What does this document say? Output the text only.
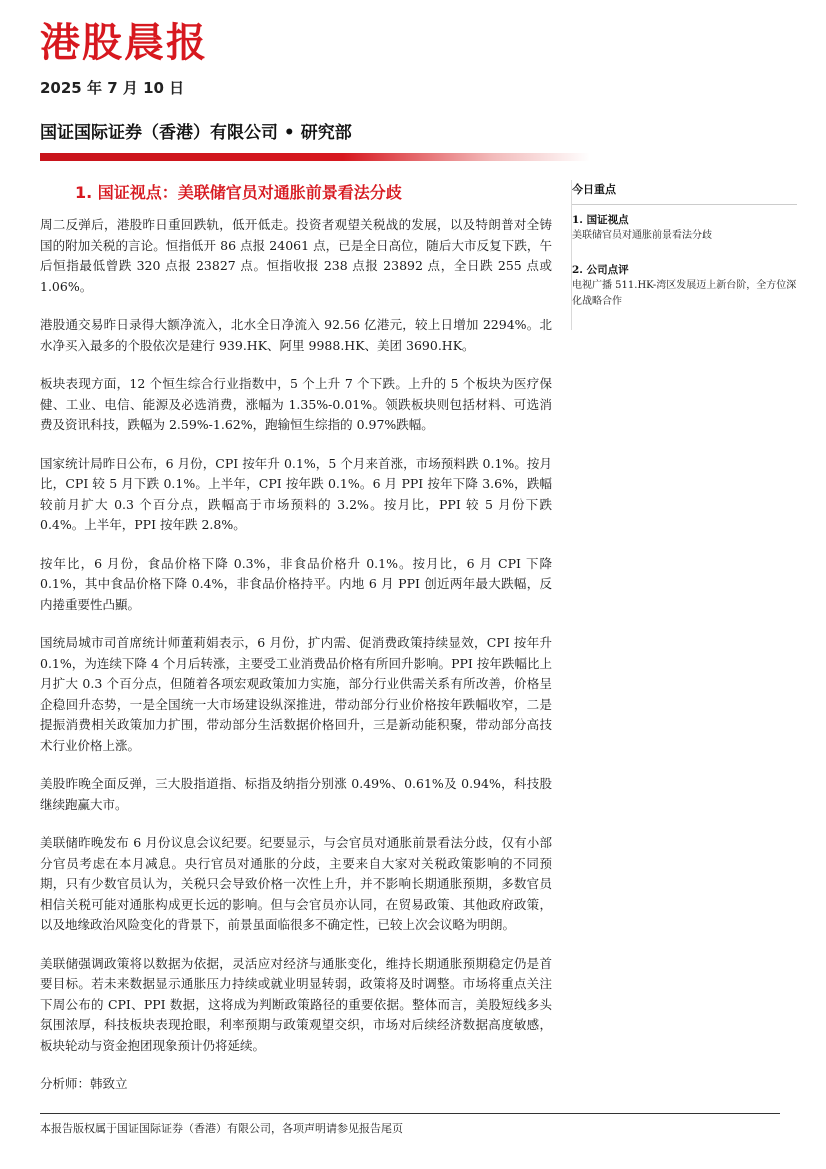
港股晨报
2025 年 7 月 10 日
国证国际证券（香港）有限公司 • 研究部
1. 国证视点：美联储官员对通胀前景看法分歧

周二反弹后，港股昨日重回跌轨，低开低走。投资者观望关税战的发展，以及特朗普对全铸国的附加关税的言论。恒指低开 86 点报 24061 点，已是全日高位，随后大市反复下跌，午后恒指最低曾跌 320 点报 23827 点。恒指收报 238 点报 23892 点，全日跌 255 点或 1.06%。

港股通交易昨日录得大额净流入，北水全日净流入 92.56 亿港元，较上日增加 2294%。北水净买入最多的个股依次是建行 939.HK、阿里 9988.HK、美团 3690.HK。

板块表现方面，12 个恒生综合行业指数中，5 个上升 7 个下跌。上升的 5 个板块为医疗保健、工业、电信、能源及必选消费，涨幅为 1.35%-0.01%。领跌板块则包括材料、可选消费及资讯科技，跌幅为 2.59%-1.62%，跑输恒生综指的 0.97%跌幅。

国家统计局昨日公布，6 月份，CPI 按年升 0.1%，5 个月来首涨，市场预料跌 0.1%。按月比，CPI 较 5 月下跌 0.1%。上半年，CPI 按年跌 0.1%。6 月 PPI 按年下降 3.6%，跌幅较前月扩大 0.3 个百分点，跌幅高于市场预料的 3.2%。按月比，PPI 较 5 月份下跌 0.4%。上半年，PPI 按年跌 2.8%。

按年比，6 月份，食品价格下降 0.3%，非食品价格升 0.1%。按月比，6 月 CPI 下降 0.1%，其中食品价格下降 0.4%，非食品价格持平。内地 6 月 PPI 创近两年最大跌幅，反内捲重要性凸顯。

国统局城市司首席统计师董莉娟表示，6 月份，扩内需、促消费政策持续显效，CPI 按年升 0.1%，为连续下降 4 个月后转涨，主要受工业消费品价格有所回升影响。PPI 按年跌幅比上月扩大 0.3 个百分点，但随着各项宏观政策加力实施，部分行业供需关系有所改善，价格呈企稳回升态势，一是全国统一大市场建设纵深推进，带动部分行业价格按年跌幅收窄，二是提振消费相关政策加力扩围，带动部分生活数据价格回升，三是新动能积聚，带动部分高技术行业价格上涨。

美股昨晚全面反弹，三大股指道指、标指及纳指分别涨 0.49%、0.61%及 0.94%，科技股继续跑赢大市。

美联储昨晚发布 6 月份议息会议纪要。纪要显示，与会官员对通胀前景看法分歧，仅有小部分官员考虑在本月减息。央行官员对通胀的分歧，主要来自大家对关税政策影响的不同预期，只有少数官员认为，关税只会导致价格一次性上升，并不影响长期通胀预期，多数官员相信关税可能对通胀构成更长远的影响。但与会官员亦认同，在贸易政策、其他政府政策，以及地缘政治风险变化的背景下，前景虽面临很多不确定性，已较上次会议略为明朗。

美联储强调政策将以数据为依据，灵活应对经济与通胀变化，维持长期通胀预期稳定仍是首要目标。若未来数据显示通胀压力持续或就业明显转弱，政策将及时调整。市场将重点关注下周公布的 CPI、PPI 数据，这将成为判断政策路径的重要依据。整体而言，美股短线多头氛围浓厚，科技板块表现抢眼，利率预期与政策观望交织，市场对后续经济数据高度敏感，板块轮动与资金抱团现象预计仍将延续。

分析师：韩致立

今日重点
1. 国证视点
美联储官员对通胀前景看法分歧
2. 公司点评
电视广播 511.HK-湾区发展迈上新台阶，全方位深化战略合作
本报告版权属于国证国际证券（香港）有限公司，各项声明请参见报告尾页
